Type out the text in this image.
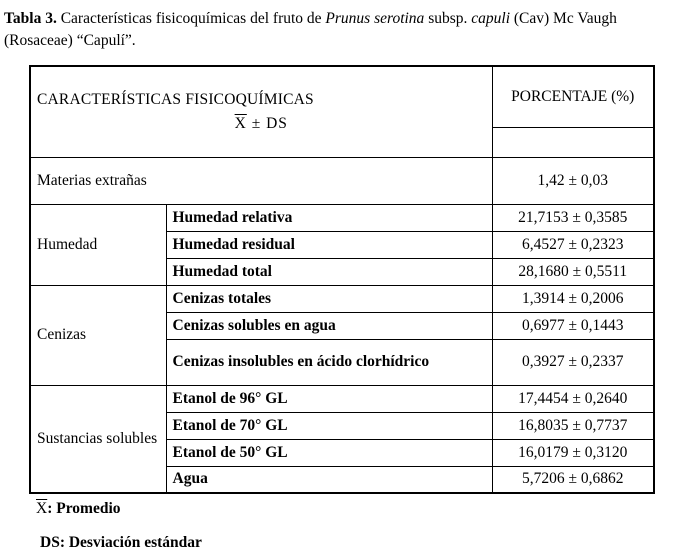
Tabla 3. Características fisicoquímicas del fruto de Prunus serotina subsp. capuli (Cav) Mc Vaugh (Rosaceae) “Capulí”.
CARACTERÍSTICAS FISICOQUÍMICAS
$\overline{X}$ ± DS		PORCENTAJE (%)

Materias extrañas		1,42 ± 0,03
Humedad	Humedad relativa	21,7153 ± 0,3585
	Humedad residual	6,4527 ± 0,2323
	Humedad total	28,1680 ± 0,5511
Cenizas	Cenizas totales	1,3914 ± 0,2006
	Cenizas solubles en agua	0,6977 ± 0,1443
	Cenizas insolubles en ácido clorhídrico	0,3927 ± 0,2337
Sustancias solubles	Etanol de 96° GL	17,4454 ± 0,2640
	Etanol de 70° GL	16,8035 ± 0,7737
	Etanol de 50° GL	16,0179 ± 0,3120
	Agua	5,7206 ± 0,6862
$\overline{X}$: Promedio
DS: Desviación estándar
